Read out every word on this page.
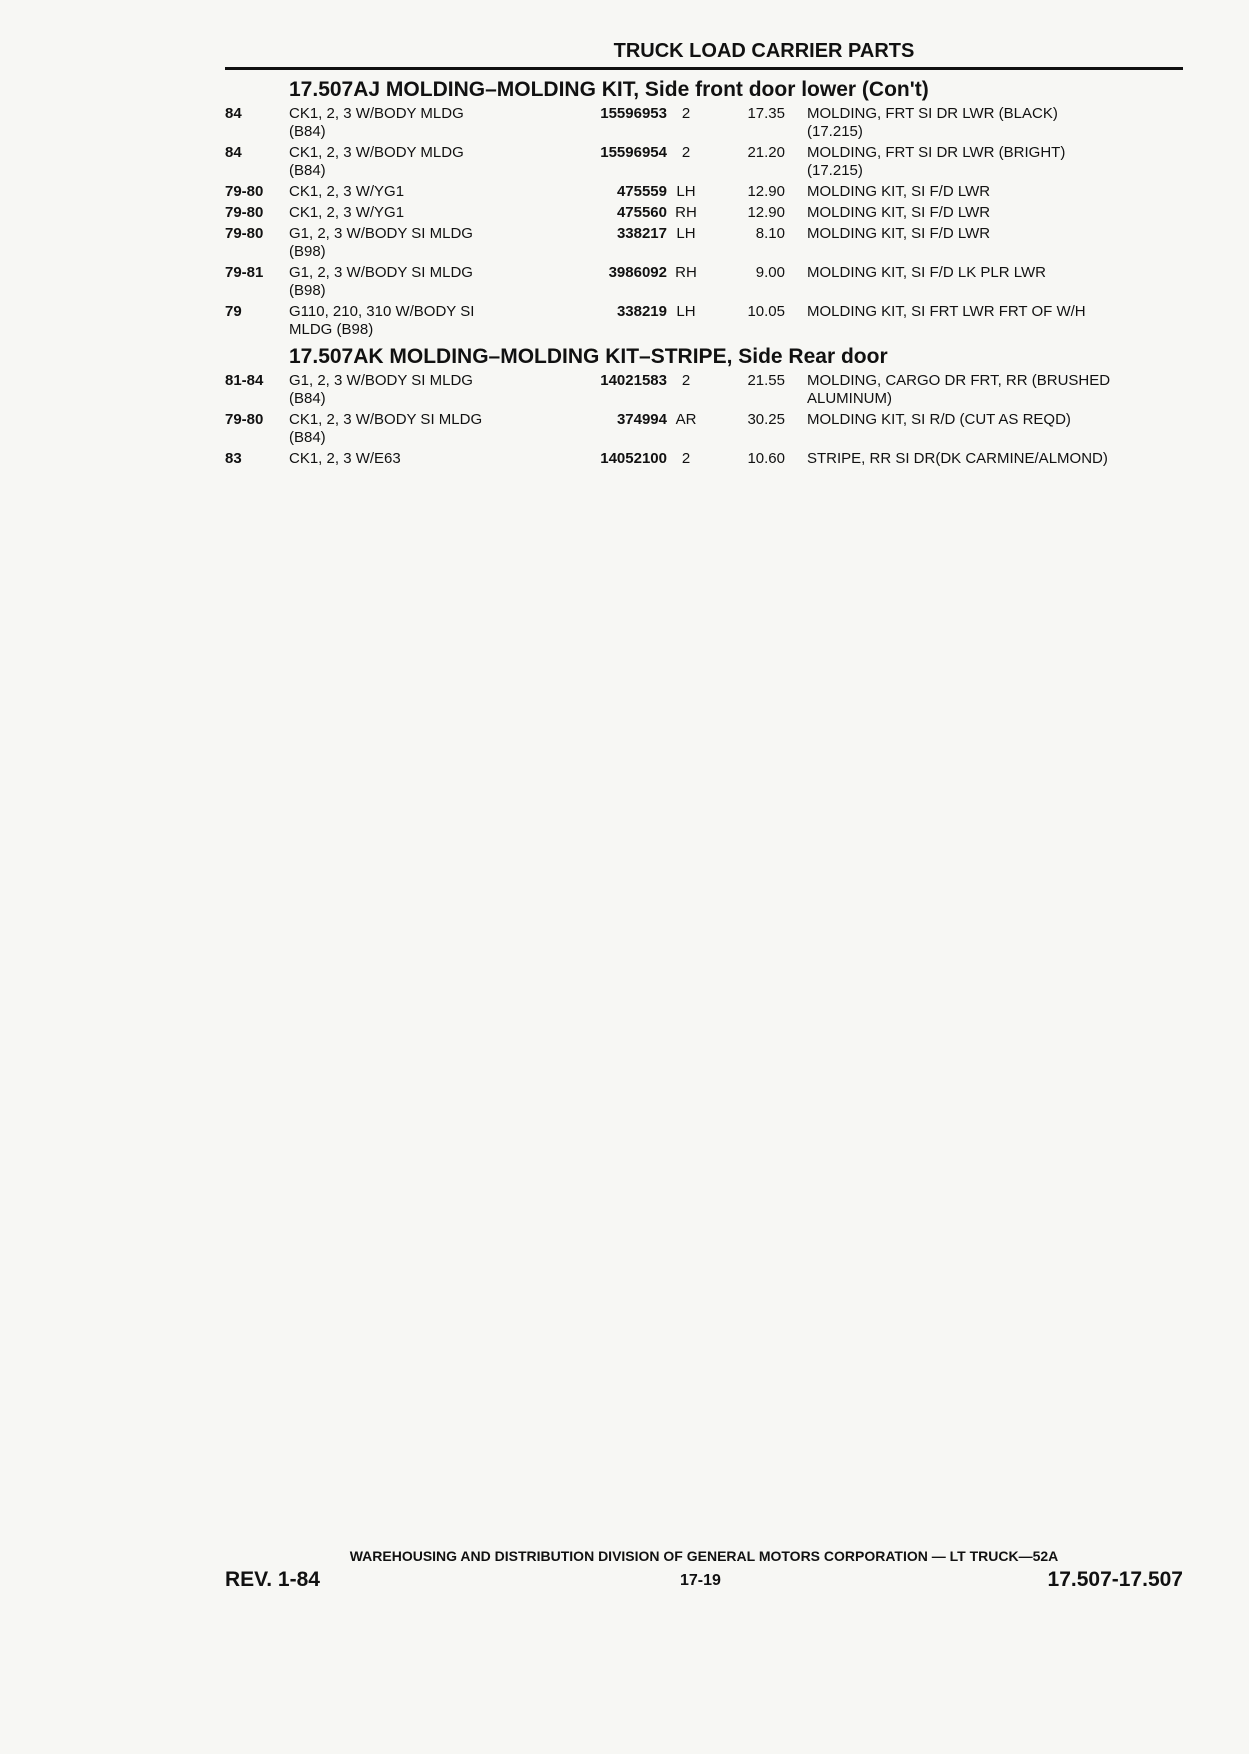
TRUCK LOAD CARRIER PARTS
17.507AJ MOLDING–MOLDING KIT, Side front door lower (Con't)
84	CK1, 2, 3 W/BODY MLDG
(B84)
15596953 2	17.35 MOLDING, FRT SI DR LWR (BLACK)
(17.215)
84	CK1, 2, 3 W/BODY MLDG
(B84)
15596954 2	21.20 MOLDING, FRT SI DR LWR (BRIGHT)
(17.215)
79-80	CK1, 2, 3 W/YG1	475559 LH	12.90 MOLDING KIT, SI F/D LWR
79-80	CK1, 2, 3 W/YG1	475560 RH	12.90 MOLDING KIT, SI F/D LWR
79-80	G1, 2, 3 W/BODY SI MLDG
(B98)
338217 LH	8.10 MOLDING KIT, SI F/D LWR
79-81	G1, 2, 3 W/BODY SI MLDG
(B98)
3986092 RH	9.00 MOLDING KIT, SI F/D LK PLR LWR
79	G110, 210, 310 W/BODY SI
MLDG (B98)
338219 LH	10.05 MOLDING KIT, SI FRT LWR FRT OF W/H
17.507AK MOLDING–MOLDING KIT–STRIPE, Side Rear door
81-84	G1, 2, 3 W/BODY SI MLDG
(B84)
14021583 2	21.55 MOLDING, CARGO DR FRT, RR (BRUSHED
ALUMINUM)
79-80	CK1, 2, 3 W/BODY SI MLDG
(B84)
374994 AR	30.25 MOLDING KIT, SI R/D (CUT AS REQD)
83	CK1, 2, 3 W/E63	14052100 2	10.60 STRIPE, RR SI DR(DK CARMINE/ALMOND)
WAREHOUSING AND DISTRIBUTION DIVISION OF GENERAL MOTORS CORPORATION — LT TRUCK—52A
REV. 1-84	17-19	17.507-17.507
